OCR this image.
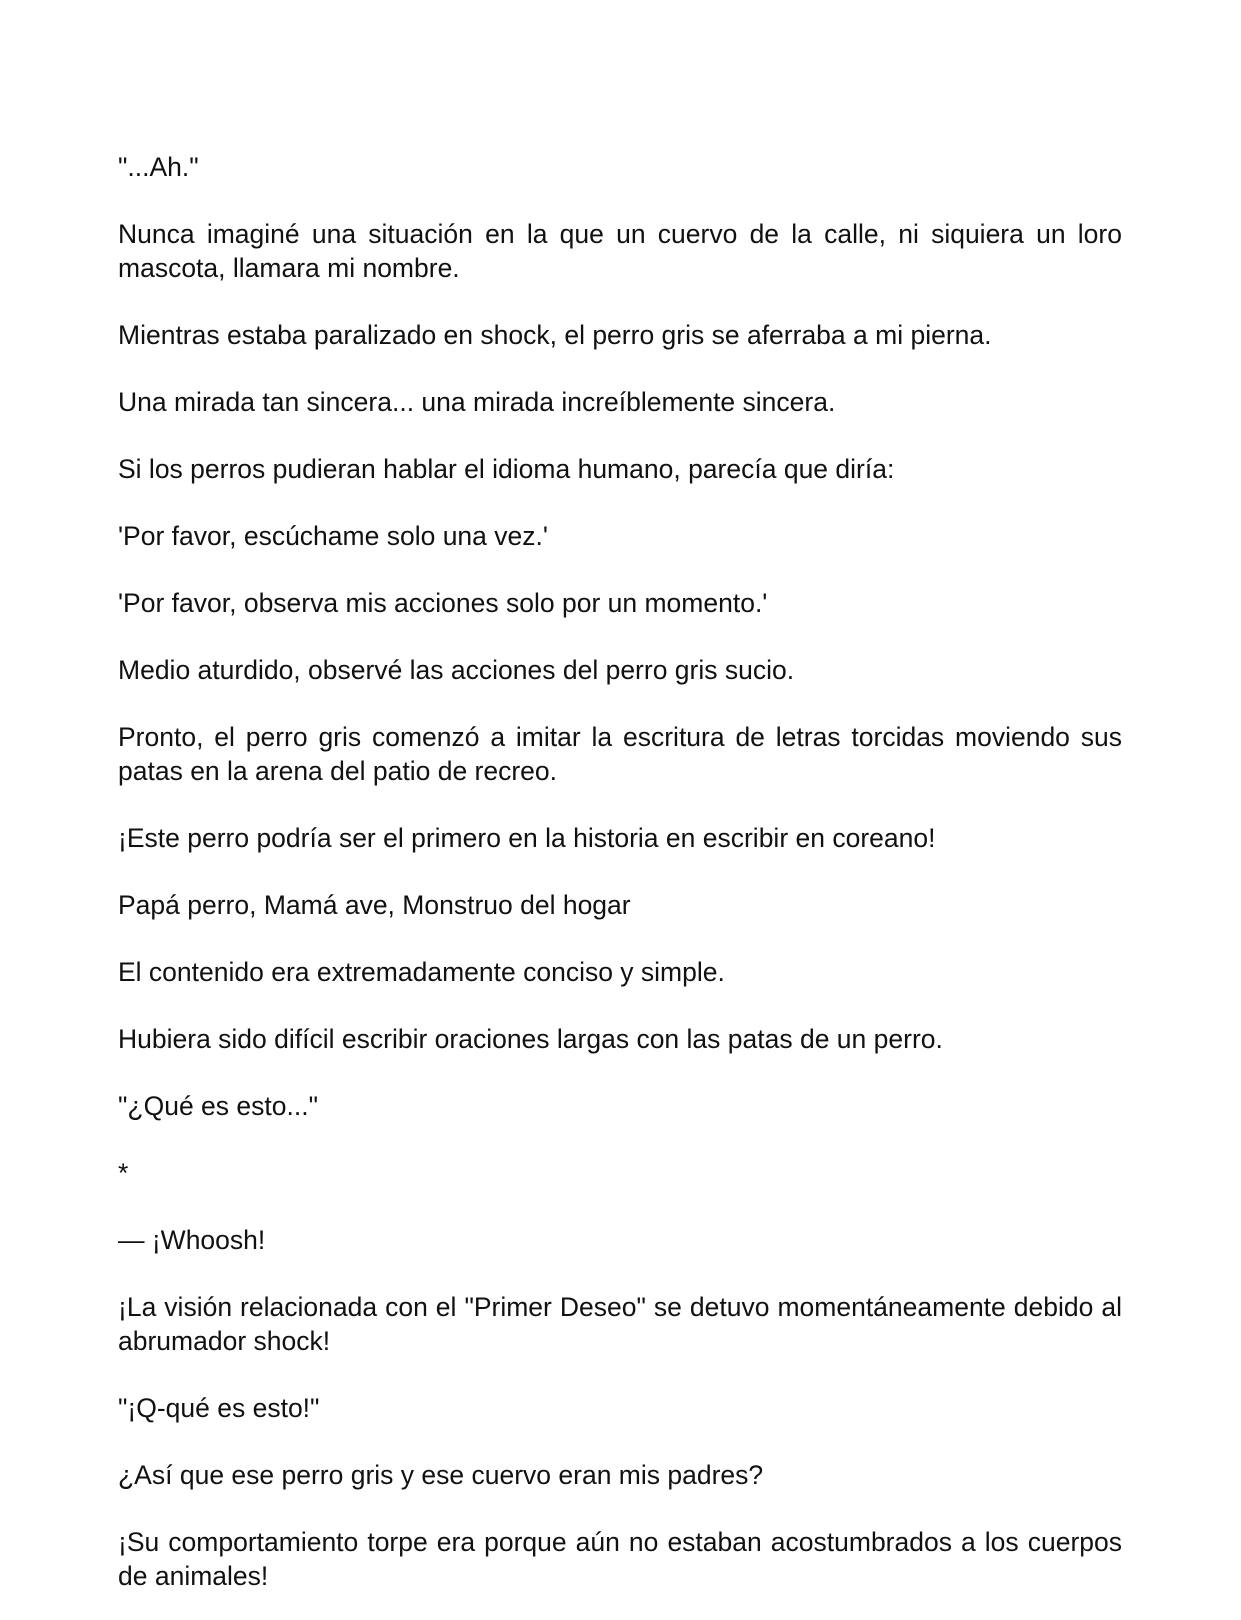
"...Ah."

Nunca imaginé una situación en la que un cuervo de la calle, ni siquiera un loro mascota, llamara mi nombre.

Mientras estaba paralizado en shock, el perro gris se aferraba a mi pierna.

Una mirada tan sincera... una mirada increíblemente sincera.

Si los perros pudieran hablar el idioma humano, parecía que diría:

'Por favor, escúchame solo una vez.'

'Por favor, observa mis acciones solo por un momento.'

Medio aturdido, observé las acciones del perro gris sucio.

Pronto, el perro gris comenzó a imitar la escritura de letras torcidas moviendo sus patas en la arena del patio de recreo.

¡Este perro podría ser el primero en la historia en escribir en coreano!

Papá perro, Mamá ave, Monstruo del hogar

El contenido era extremadamente conciso y simple.

Hubiera sido difícil escribir oraciones largas con las patas de un perro.

"¿Qué es esto..."

*

— ¡Whoosh!

¡La visión relacionada con el "Primer Deseo" se detuvo momentáneamente debido al abrumador shock!

"¡Q-qué es esto!"

¿Así que ese perro gris y ese cuervo eran mis padres?

¡Su comportamiento torpe era porque aún no estaban acostumbrados a los cuerpos de animales!
